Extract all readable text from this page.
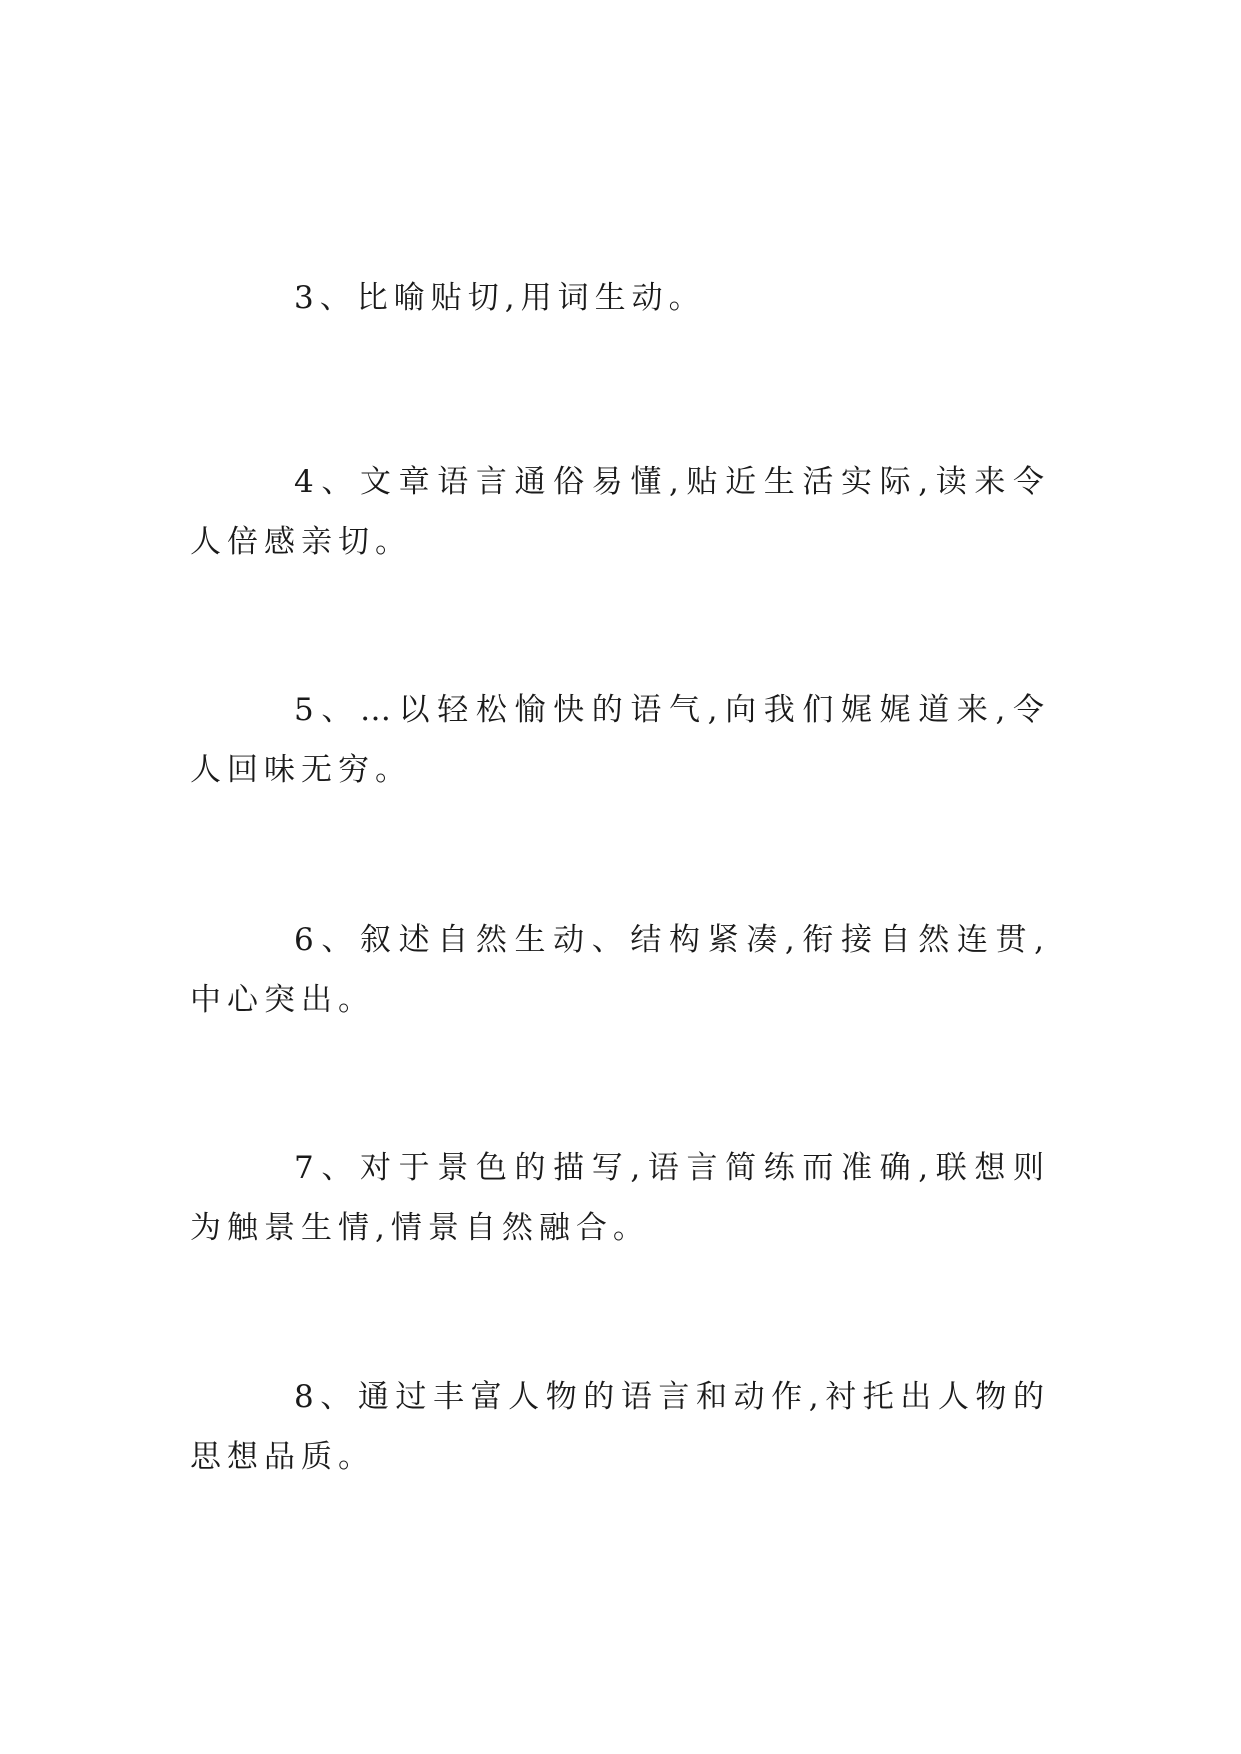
3、比喻贴切,用词生动。

4、文章语言通俗易懂,贴近生活实际,读来令人倍感亲切。

5、…以轻松愉快的语气,向我们娓娓道来,令人回味无穷。

6、叙述自然生动、结构紧凑,衔接自然连贯,中心突出。

7、对于景色的描写,语言简练而准确,联想则为触景生情,情景自然融合。

8、通过丰富人物的语言和动作,衬托出人物的思想品质。
